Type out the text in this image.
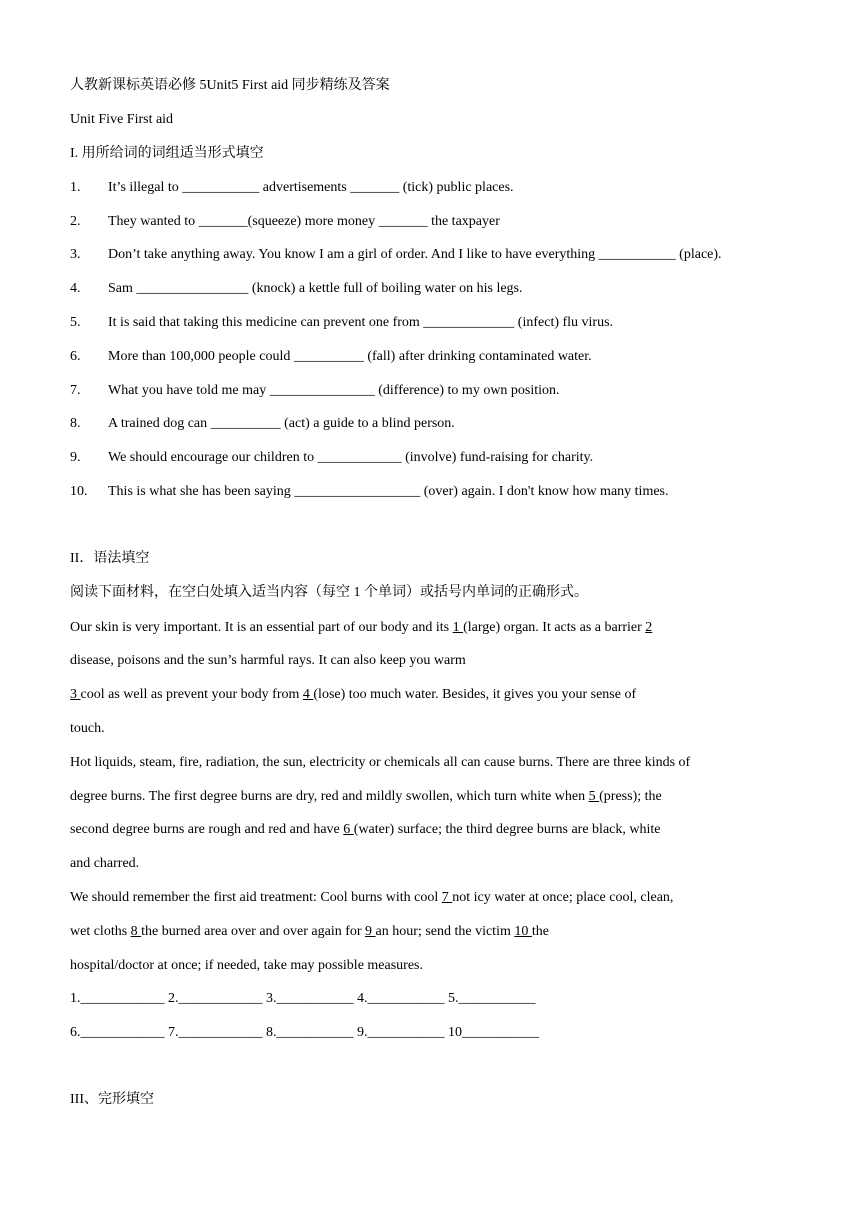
人教新课标英语必修 5Unit5 First aid 同步精练及答案
Unit Five First aid
I. 用所给词的词组适当形式填空
1. It’s illegal to ___________ advertisements _______ (tick) public places.
2. They wanted to _______(squeeze) more money _______ the taxpayer
3. Don’t take anything away. You know I am a girl of order. And I like to have everything ___________ (place).
4. Sam ________________ (knock) a kettle full of boiling water on his legs.
5. It is said that taking this medicine can prevent one from _____________ (infect) flu virus.
6. More than 100,000 people could __________ (fall) after drinking contaminated water.
7. What you have told me may _______________ (difference) to my own position.
8. A trained dog can __________ (act) a guide to a blind person.
9. We should encourage our children to ____________ (involve) fund-raising for charity.
10. This is what she has been saying __________________ (over) again. I don't know how many times.
II．语法填空
阅读下面材料，在空白处填入适当内容（每空 1 个单词）或括号内单词的正确形式。
Our skin is very important. It is an essential part of our body and its 1 (large) organ. It acts as a barrier 2
disease, poisons and the sun’s harmful rays. It can also keep you warm
3 cool as well as prevent your body from 4 (lose) too much water. Besides, it gives you your sense of
touch.
Hot liquids, steam, fire, radiation, the sun, electricity or chemicals all can cause burns. There are three kinds of
degree burns. The first degree burns are dry, red and mildly swollen, which turn white when 5 (press); the
second degree burns are rough and red and have 6 (water) surface; the third degree burns are black, white
and charred.
We should remember the first aid treatment: Cool burns with cool 7 not icy water at once; place cool, clean,
wet cloths 8 the burned area over and over again for 9 an hour; send the victim 10 the
hospital/doctor at once; if needed, take may possible measures.
1.____________ 2.____________ 3.___________ 4.___________ 5.___________
6.____________ 7.____________ 8.___________ 9.___________ 10___________
III、完形填空
